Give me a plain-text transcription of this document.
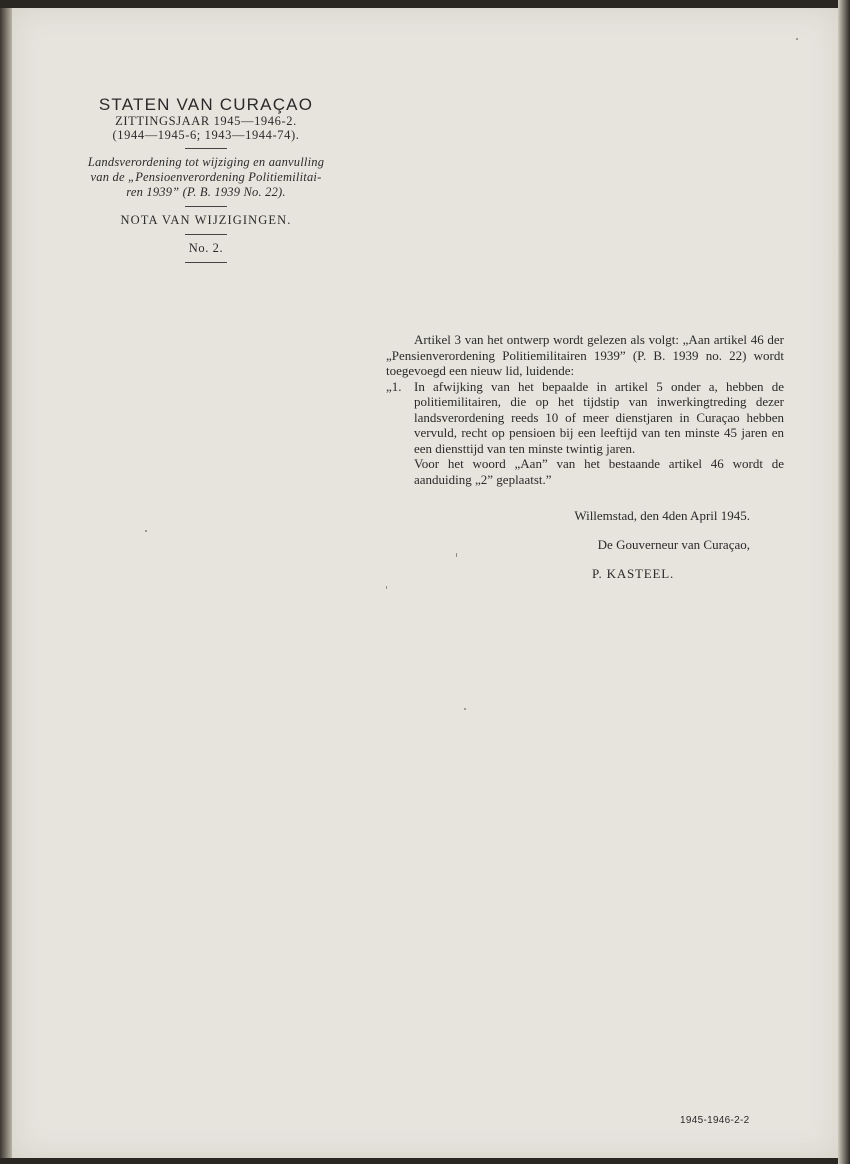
STATEN VAN CURAÇAO
ZITTINGSJAAR 1945—1946-2.
(1944—1945-6; 1943—1944-74).
Landsverordening tot wijziging en aanvulling
van de „Pensioenverordening Politiemilitai-
ren 1939” (P. B. 1939 No. 22).
NOTA VAN WIJZIGINGEN.
No. 2.

Artikel 3 van het ontwerp wordt gelezen als volgt: „Aan artikel 46 der „Pensienverordening Politiemilitairen 1939” (P. B. 1939 no. 22) wordt toegevoegd een nieuw lid, luidende:

„1. In afwijking van het bepaalde in artikel 5 onder a, hebben de politiemilitairen, die op het tijdstip van inwerkingtreding dezer landsverordening reeds 10 of meer dienstjaren in Curaçao hebben vervuld, recht op pensioen bij een leeftijd van ten minste 45 jaren en een diensttijd van ten minste twintig jaren.

Voor het woord „Aan” van het bestaande artikel 46 wordt de aanduiding „2” geplaatst.”

Willemstad, den 4den April 1945.
De Gouverneur van Curaçao,
P. KASTEEL.
1945-1946-2-2
